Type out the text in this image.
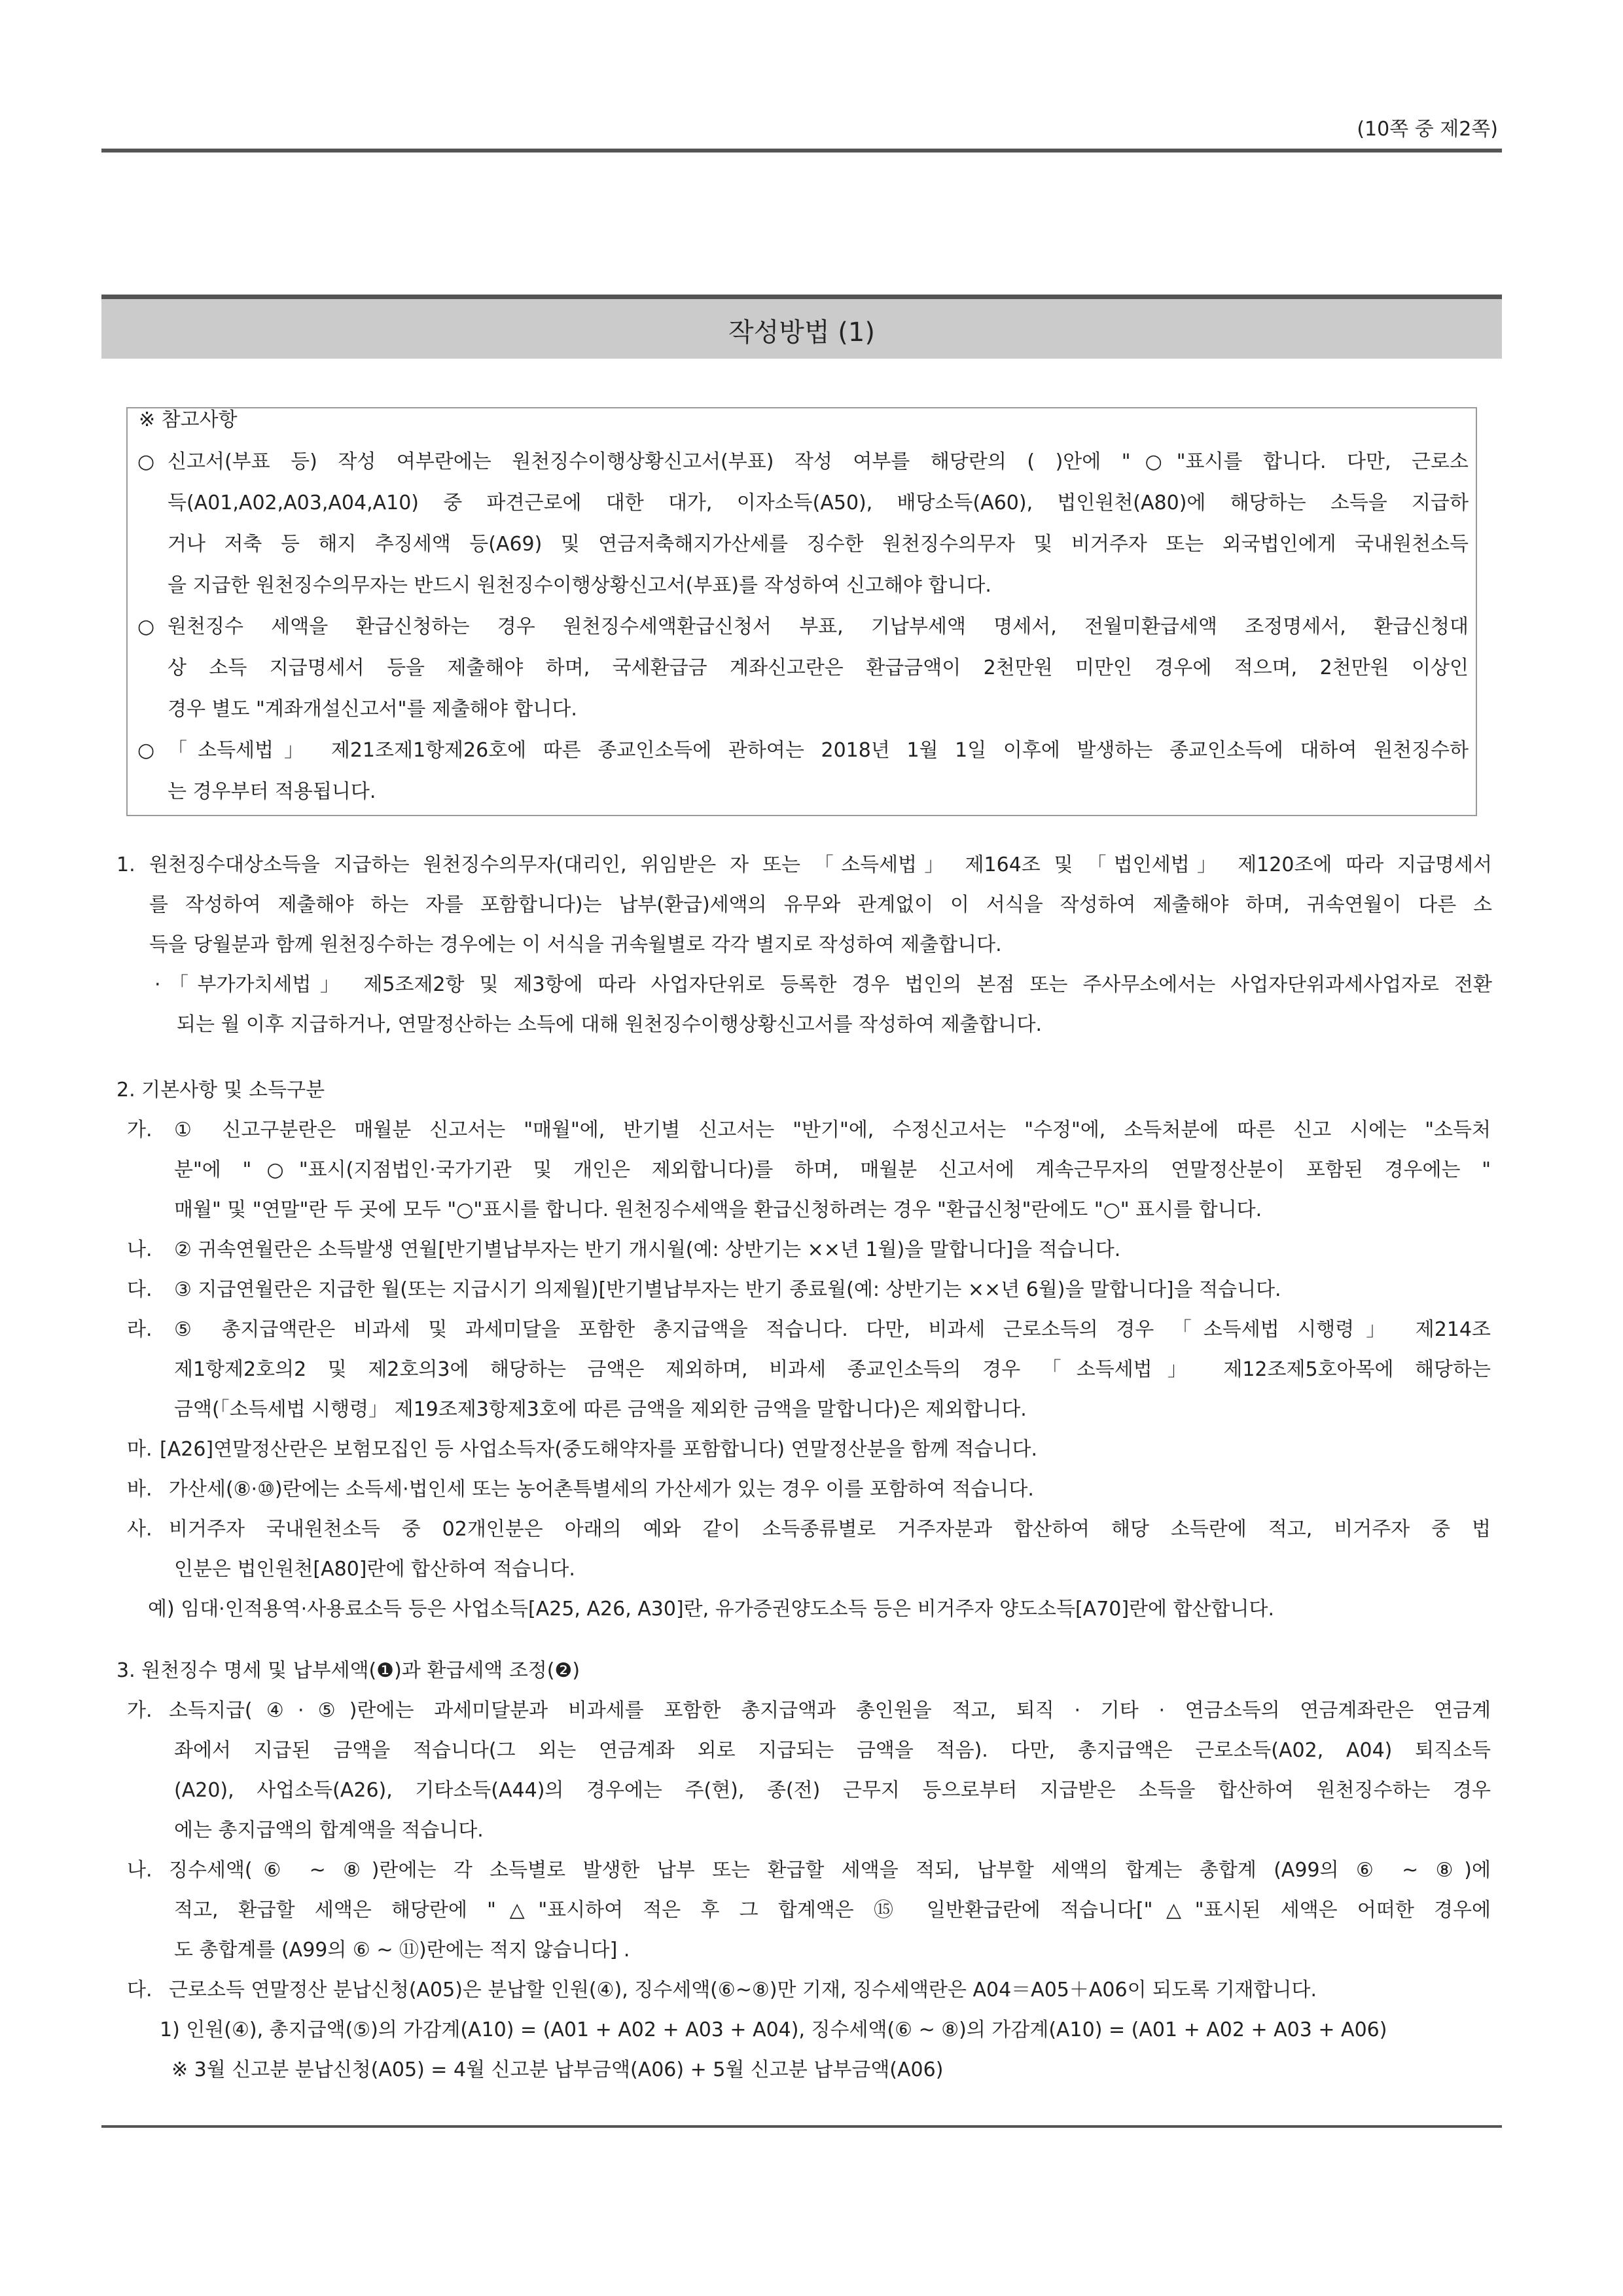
(10쪽 중 제2쪽)
작성방법 (1)
※ 참고사항
○ 신고서(부표 등) 작성 여부란에는 원천징수이행상황신고서(부표) 작성 여부를 해당란의 ( )안에 "○"표시를 합니다. 다만, 근로소
득(A01,A02,A03,A04,A10) 중 파견근로에 대한 대가, 이자소득(A50), 배당소득(A60), 법인원천(A80)에 해당하는 소득을 지급하
거나 저축 등 해지 추징세액 등(A69) 및 연금저축해지가산세를 징수한 원천징수의무자 및 비거주자 또는 외국법인에게 국내원천소득
을 지급한 원천징수의무자는 반드시 원천징수이행상황신고서(부표)를 작성하여 신고해야 합니다.
○ 원천징수 세액을 환급신청하는 경우 원천징수세액환급신청서 부표, 기납부세액 명세서, 전월미환급세액 조정명세서, 환급신청대
상 소득 지급명세서 등을 제출해야 하며, 국세환급금 계좌신고란은 환급금액이 2천만원 미만인 경우에 적으며, 2천만원 이상인
경우 별도 "계좌개설신고서"를 제출해야 합니다.
○ 「소득세법」 제21조제1항제26호에 따른 종교인소득에 관하여는 2018년 1월 1일 이후에 발생하는 종교인소득에 대하여 원천징수하
는 경우부터 적용됩니다.
1. 원천징수대상소득을 지급하는 원천징수의무자(대리인, 위임받은 자 또는 「소득세법」 제164조 및 「법인세법」 제120조에 따라 지급명세서
를 작성하여 제출해야 하는 자를 포함합니다)는 납부(환급)세액의 유무와 관계없이 이 서식을 작성하여 제출해야 하며, 귀속연월이 다른 소
득을 당월분과 함께 원천징수하는 경우에는 이 서식을 귀속월별로 각각 별지로 작성하여 제출합니다.
· 「부가가치세법」 제5조제2항 및 제3항에 따라 사업자단위로 등록한 경우 법인의 본점 또는 주사무소에서는 사업자단위과세사업자로 전환
되는 월 이후 지급하거나, 연말정산하는 소득에 대해 원천징수이행상황신고서를 작성하여 제출합니다.
2. 기본사항 및 소득구분
가. ① 신고구분란은 매월분 신고서는 "매월"에, 반기별 신고서는 "반기"에, 수정신고서는 "수정"에, 소득처분에 따른 신고 시에는 "소득처
분"에 "○"표시(지점법인·국가기관 및 개인은 제외합니다)를 하며, 매월분 신고서에 계속근무자의 연말정산분이 포함된 경우에는 "
매월" 및 "연말"란 두 곳에 모두 "○"표시를 합니다. 원천징수세액을 환급신청하려는 경우 "환급신청"란에도 "○" 표시를 합니다.
나. ② 귀속연월란은 소득발생 연월[반기별납부자는 반기 개시월(예: 상반기는 ××년 1월)을 말합니다]을 적습니다.
다. ③ 지급연월란은 지급한 월(또는 지급시기 의제월)[반기별납부자는 반기 종료월(예: 상반기는 ××년 6월)을 말합니다]을 적습니다.
라. ⑤ 총지급액란은 비과세 및 과세미달을 포함한 총지급액을 적습니다. 다만, 비과세 근로소득의 경우 「소득세법 시행령」 제214조
제1항제2호의2 및 제2호의3에 해당하는 금액은 제외하며, 비과세 종교인소득의 경우 「소득세법」 제12조제5호아목에 해당하는
금액(「소득세법 시행령」 제19조제3항제3호에 따른 금액을 제외한 금액을 말합니다)은 제외합니다.
마. [A26]연말정산란은 보험모집인 등 사업소득자(중도해약자를 포함합니다) 연말정산분을 함께 적습니다.
바. 가산세(⑧·⑩)란에는 소득세·법인세 또는 농어촌특별세의 가산세가 있는 경우 이를 포함하여 적습니다.
사. 비거주자 국내원천소득 중 02개인분은 아래의 예와 같이 소득종류별로 거주자분과 합산하여 해당 소득란에 적고, 비거주자 중 법
인분은 법인원천[A80]란에 합산하여 적습니다.
예) 임대·인적용역·사용료소득 등은 사업소득[A25, A26, A30]란, 유가증권양도소득 등은 비거주자 양도소득[A70]란에 합산합니다.
3. 원천징수 명세 및 납부세액(❶)과 환급세액 조정(❷)
가. 소득지급(④·⑤)란에는 과세미달분과 비과세를 포함한 총지급액과 총인원을 적고, 퇴직 · 기타 · 연금소득의 연금계좌란은 연금계
좌에서 지급된 금액을 적습니다(그 외는 연금계좌 외로 지급되는 금액을 적음). 다만, 총지급액은 근로소득(A02, A04) 퇴직소득
(A20), 사업소득(A26), 기타소득(A44)의 경우에는 주(현), 종(전) 근무지 등으로부터 지급받은 소득을 합산하여 원천징수하는 경우
에는 총지급액의 합계액을 적습니다.
나. 징수세액(⑥ ~ ⑧)란에는 각 소득별로 발생한 납부 또는 환급할 세액을 적되, 납부할 세액의 합계는 총합계 (A99의 ⑥ ~ ⑧)에
적고, 환급할 세액은 해당란에 "△"표시하여 적은 후 그 합계액은 ⑮ 일반환급란에 적습니다["△"표시된 세액은 어떠한 경우에
도 총합계를 (A99의 ⑥ ~ ⑪)란에는 적지 않습니다] .
다. 근로소득 연말정산 분납신청(A05)은 분납할 인원(④), 징수세액(⑥~⑧)만 기재, 징수세액란은 A04＝A05＋A06이 되도록 기재합니다.
1) 인원(④), 총지급액(⑤)의 가감계(A10) = (A01 + A02 + A03 + A04), 징수세액(⑥ ~ ⑧)의 가감계(A10) = (A01 + A02 + A03 + A06)
※ 3월 신고분 분납신청(A05) = 4월 신고분 납부금액(A06) + 5월 신고분 납부금액(A06)
